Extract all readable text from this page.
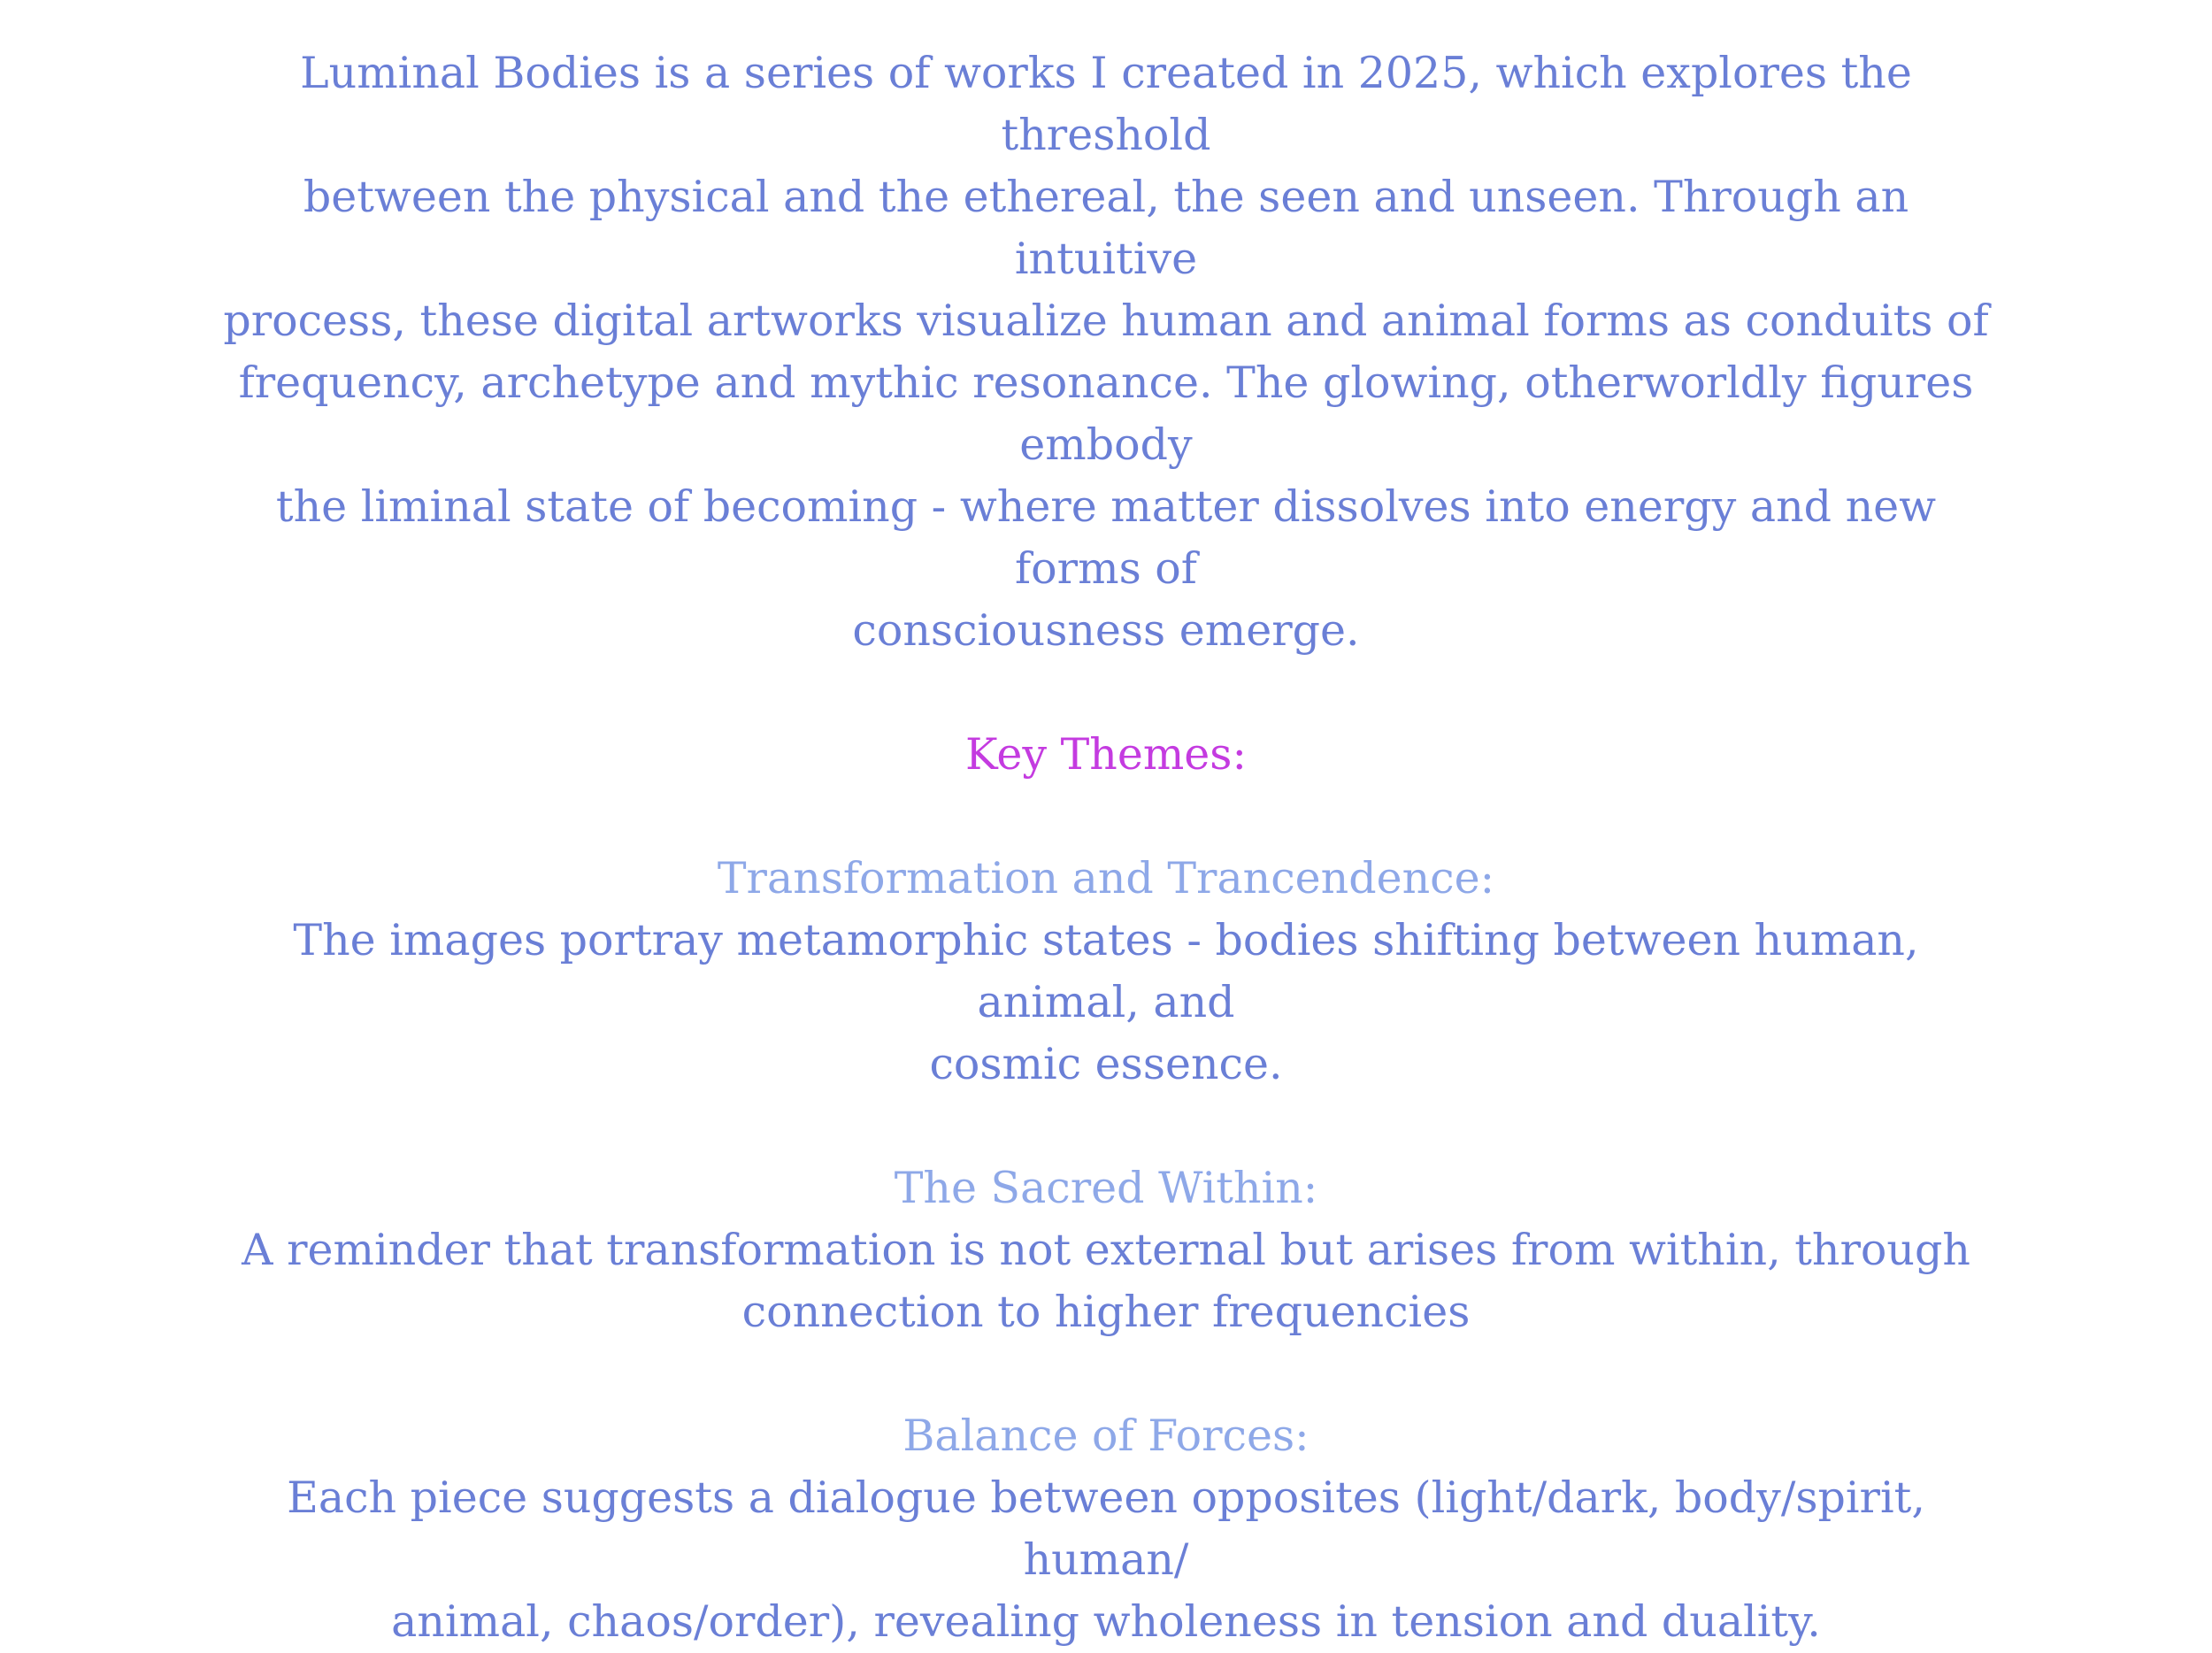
Luminal Bodies is a series of works I created in 2025, which explores the threshold
between the physical and the ethereal, the seen and unseen. Through an intuitive
process, these digital artworks visualize human and animal forms as conduits of
frequency, archetype and mythic resonance. The glowing, otherworldly figures embody
the liminal state of becoming - where matter dissolves into energy and new forms of
consciousness emerge.
Key Themes:
Transformation and Trancendence:
The images portray metamorphic states - bodies shifting between human, animal, and
cosmic essence.
The Sacred Within:
A reminder that transformation is not external but arises from within, through
connection to higher frequencies
Balance of Forces:
Each piece suggests a dialogue between opposites (light/dark, body/spirit, human/
animal, chaos/order), revealing wholeness in tension and duality.
